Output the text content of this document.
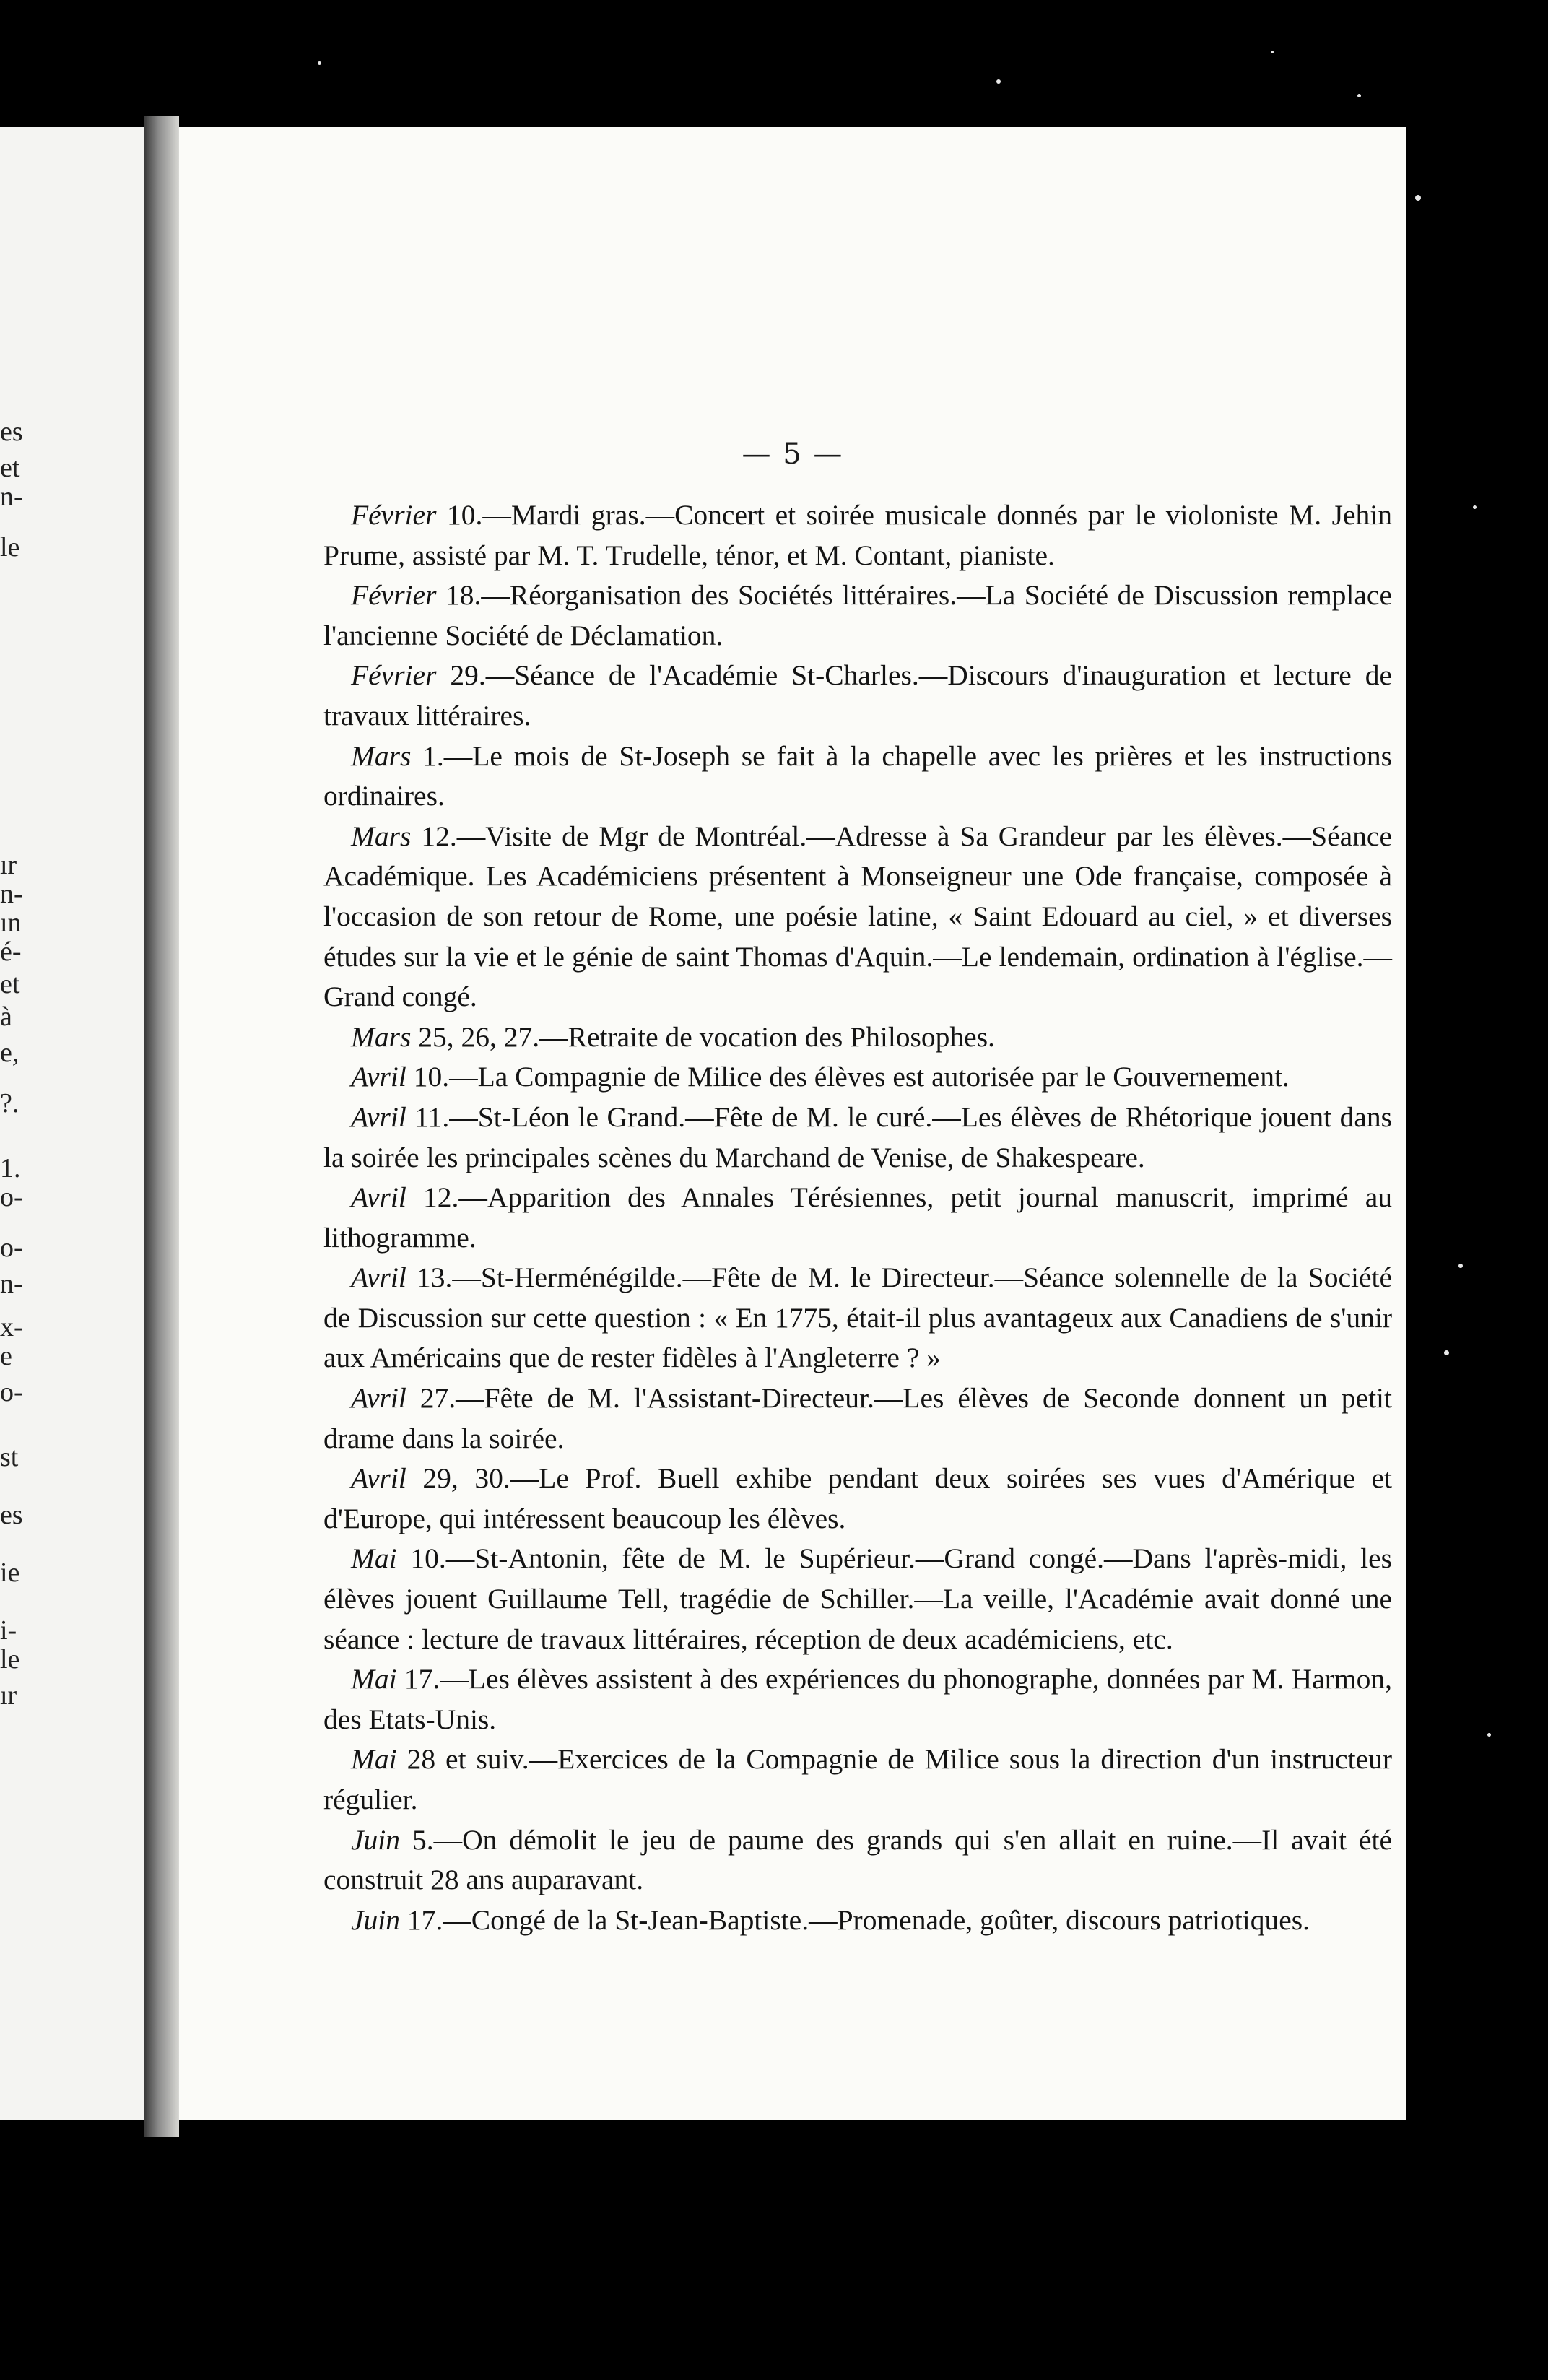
es
et
n-
le
ır
n-
ın
é-
et
à
e,
?.
1.
o-
o-
n-
x-
e
o-
st
es
ie
i-
le
ır
— 5 —

Février 10.—Mardi gras.—Concert et soirée musicale donnés par le violoniste M. Jehin Prume, assisté par M. T. Trudelle, ténor, et M. Contant, pianiste.

Février 18.—Réorganisation des Sociétés littéraires.—La Société de Discussion remplace l'ancienne Société de Déclamation.

Février 29.—Séance de l'Académie St-Charles.—Discours d'inauguration et lecture de travaux littéraires.

Mars 1.—Le mois de St-Joseph se fait à la chapelle avec les prières et les instructions ordinaires.

Mars 12.—Visite de Mgr de Montréal.—Adresse à Sa Grandeur par les élèves.—Séance Académique. Les Académiciens présentent à Monseigneur une Ode française, composée à l'occasion de son retour de Rome, une poésie latine, « Saint Edouard au ciel, » et diverses études sur la vie et le génie de saint Thomas d'Aquin.—Le lendemain, ordination à l'église.—Grand congé.

Mars 25, 26, 27.—Retraite de vocation des Philosophes.

Avril 10.—La Compagnie de Milice des élèves est autorisée par le Gouvernement.

Avril 11.—St-Léon le Grand.—Fête de M. le curé.—Les élèves de Rhétorique jouent dans la soirée les principales scènes du Marchand de Venise, de Shakespeare.

Avril 12.—Apparition des Annales Térésiennes, petit journal manuscrit, imprimé au lithogramme.

Avril 13.—St-Herménégilde.—Fête de M. le Directeur.—Séance solennelle de la Société de Discussion sur cette question : « En 1775, était-il plus avantageux aux Canadiens de s'unir aux Américains que de rester fidèles à l'Angleterre ? »

Avril 27.—Fête de M. l'Assistant-Directeur.—Les élèves de Seconde donnent un petit drame dans la soirée.

Avril 29, 30.—Le Prof. Buell exhibe pendant deux soirées ses vues d'Amérique et d'Europe, qui intéressent beaucoup les élèves.

Mai 10.—St-Antonin, fête de M. le Supérieur.—Grand congé.—Dans l'après-midi, les élèves jouent Guillaume Tell, tragédie de Schiller.—La veille, l'Académie avait donné une séance : lecture de travaux littéraires, réception de deux académiciens, etc.

Mai 17.—Les élèves assistent à des expériences du phonographe, données par M. Harmon, des Etats-Unis.

Mai 28 et suiv.—Exercices de la Compagnie de Milice sous la direction d'un instructeur régulier.

Juin 5.—On démolit le jeu de paume des grands qui s'en allait en ruine.—Il avait été construit 28 ans auparavant.

Juin 17.—Congé de la St-Jean-Baptiste.—Promenade, goûter, discours patriotiques.
